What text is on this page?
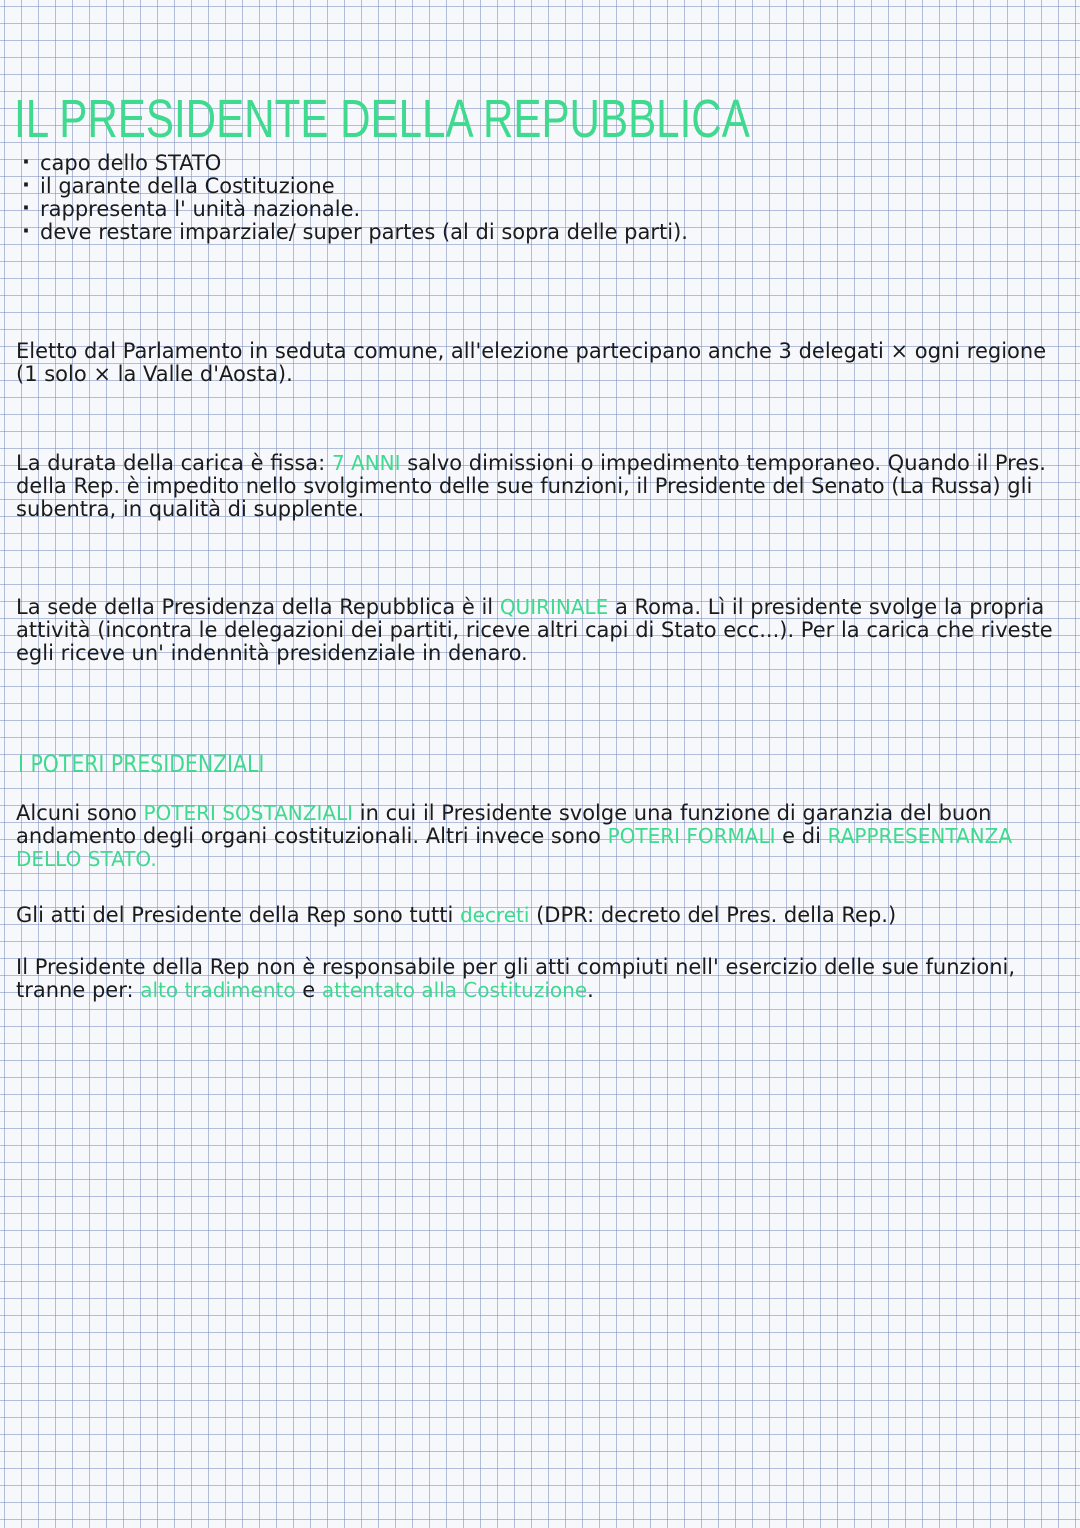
IL PRESIDENTE DELLA REPUBBLICA
· capo dello STATO
· il garante della Costituzione
· rappresenta l' unità nazionale.
· deve restare imparziale/ super partes (al di sopra delle parti).

Eletto dal Parlamento in seduta comune, all'elezione partecipano anche 3 delegati × ogni regione (1 solo × la Valle d'Aosta).

La durata della carica è fissa: 7 ANNI salvo dimissioni o impedimento temporaneo. Quando il Pres. della Rep. è impedito nello svolgimento delle sue funzioni, il Presidente del Senato (La Russa) gli subentra, in qualità di supplente.

La sede della Presidenza della Repubblica è il QUIRINALE a Roma. Lì il presidente svolge la propria attività (incontra le delegazioni dei partiti, riceve altri capi di Stato ecc...). Per la carica che riveste egli riceve un' indennità presidenziale in denaro.

I POTERI PRESIDENZIALI

Alcuni sono POTERI SOSTANZIALI in cui il Presidente svolge una funzione di garanzia del buon andamento degli organi costituzionali. Altri invece sono POTERI FORMALI e di RAPPRESENTANZA DELLO STATO.

Gli atti del Presidente della Rep sono tutti decreti (DPR: decreto del Pres. della Rep.)

Il Presidente della Rep non è responsabile per gli atti compiuti nell' esercizio delle sue funzioni, tranne per: alto tradimento e attentato alla Costituzione.
